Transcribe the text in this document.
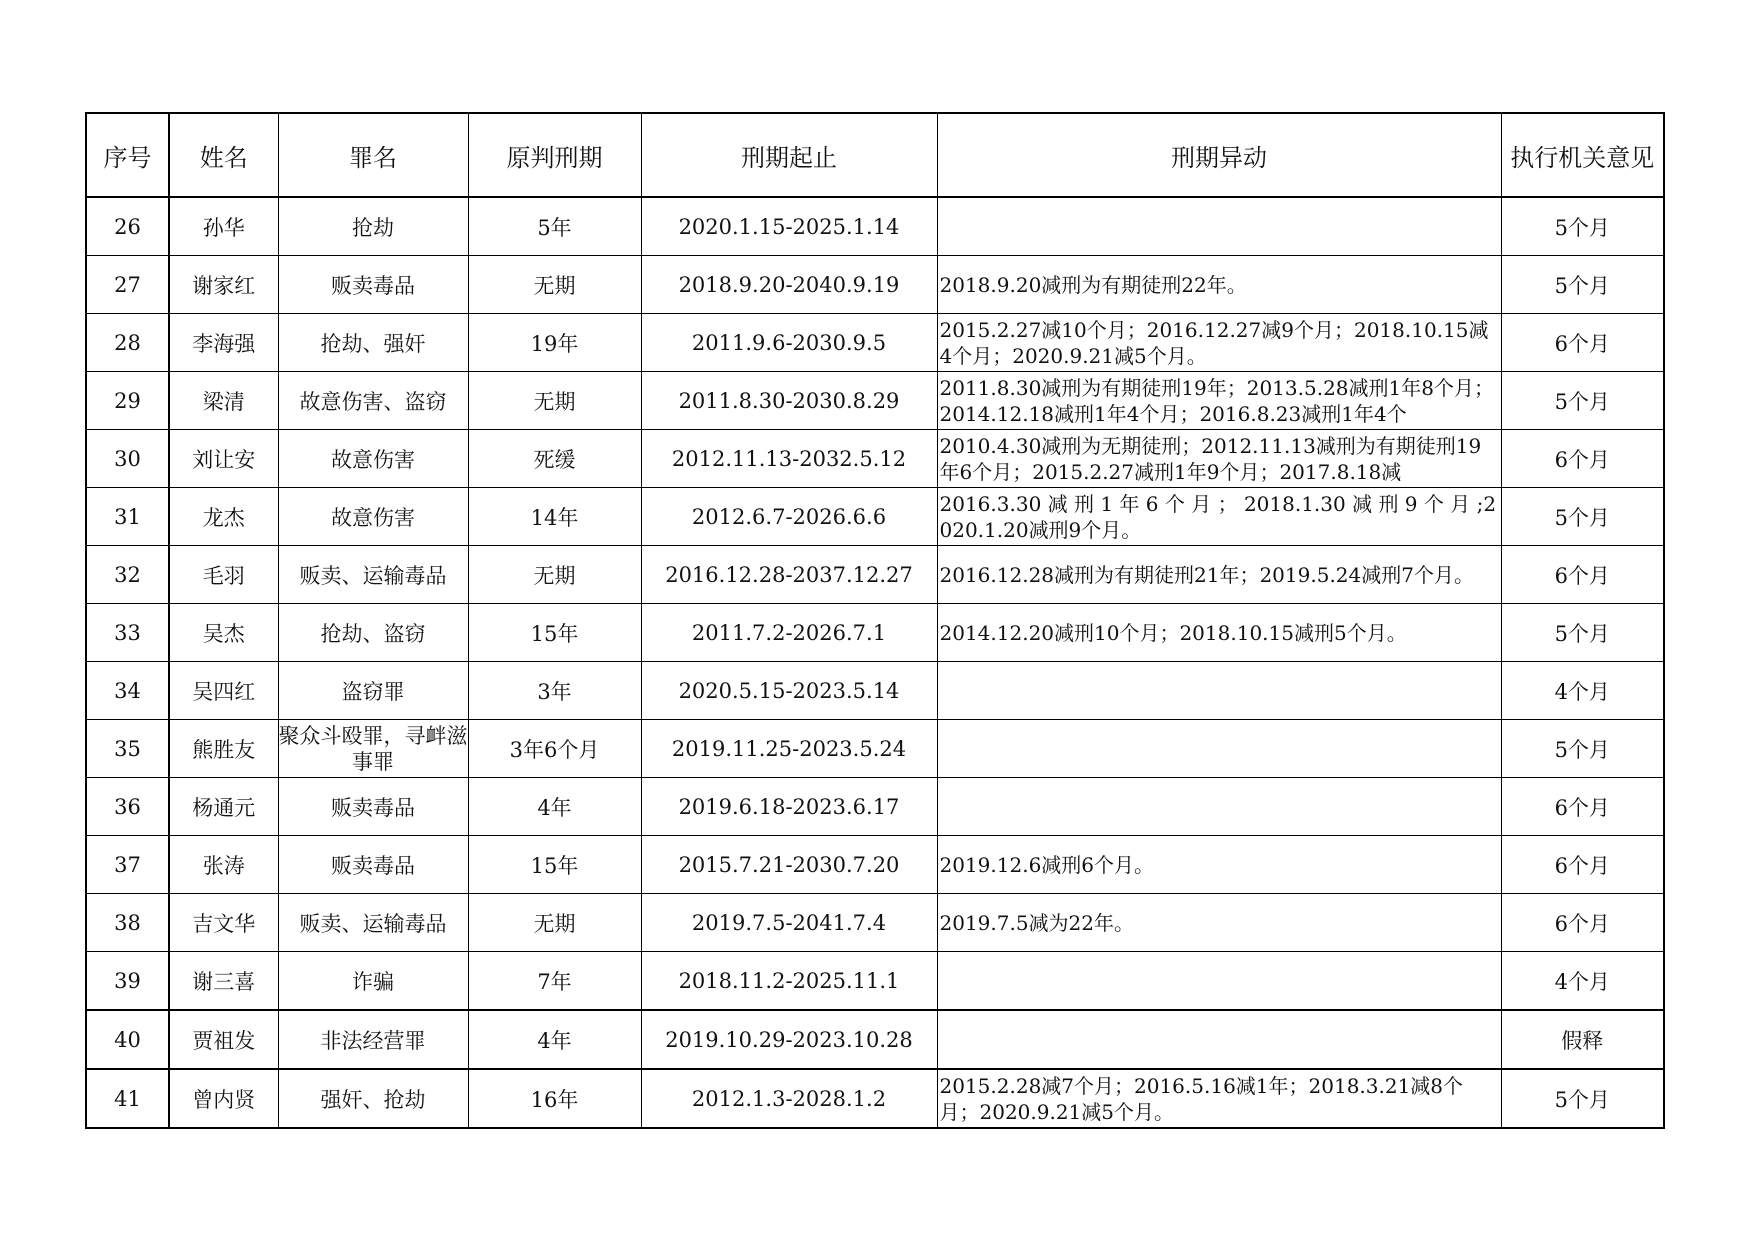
序号	姓名	罪名	原判刑期	刑期起止	刑期异动	执行机关意见
26	孙华	抢劫	5年	2020.1.15-2025.1.14		5个月
27	谢家红	贩卖毒品	无期	2018.9.20-2040.9.19	2018.9.20减刑为有期徒刑22年。	5个月
28	李海强	抢劫、强奸	19年	2011.9.6-2030.9.5	2015.2.27减10个月；2016.12.27减9个月；2018.10.15减4个月；2020.9.21减5个月。	6个月
29	梁清	故意伤害、盗窃	无期	2011.8.30-2030.8.29	2011.8.30减刑为有期徒刑19年；2013.5.28减刑1年8个月；2014.12.18减刑1年4个月；2016.8.23减刑1年4个	5个月
30	刘让安	故意伤害	死缓	2012.11.13-2032.5.12	2010.4.30减刑为无期徒刑；2012.11.13减刑为有期徒刑19年6个月；2015.2.27减刑1年9个月；2017.8.18减	6个月
31	龙杰	故意伤害	14年	2012.6.7-2026.6.6	2016.3.30 减 刑 1 年 6 个 月 ； 2018.1.30 减 刑 9 个 月 ;2020.1.20减刑9个月。	5个月
32	毛羽	贩卖、运输毒品	无期	2016.12.28-2037.12.27	2016.12.28减刑为有期徒刑21年；2019.5.24减刑7个月。	6个月
33	吴杰	抢劫、盗窃	15年	2011.7.2-2026.7.1	2014.12.20减刑10个月；2018.10.15减刑5个月。	5个月
34	吴四红	盗窃罪	3年	2020.5.15-2023.5.14		4个月
35	熊胜友	聚众斗殴罪，寻衅滋事罪	3年6个月	2019.11.25-2023.5.24		5个月
36	杨通元	贩卖毒品	4年	2019.6.18-2023.6.17		6个月
37	张涛	贩卖毒品	15年	2015.7.21-2030.7.20	2019.12.6减刑6个月。	6个月
38	吉文华	贩卖、运输毒品	无期	2019.7.5-2041.7.4	2019.7.5减为22年。	6个月
39	谢三喜	诈骗	7年	2018.11.2-2025.11.1		4个月
40	贾祖发	非法经营罪	4年	2019.10.29-2023.10.28		假释
41	曾内贤	强奸、抢劫	16年	2012.1.3-2028.1.2	2015.2.28减7个月；2016.5.16减1年；2018.3.21减8个月；2020.9.21减5个月。	5个月
